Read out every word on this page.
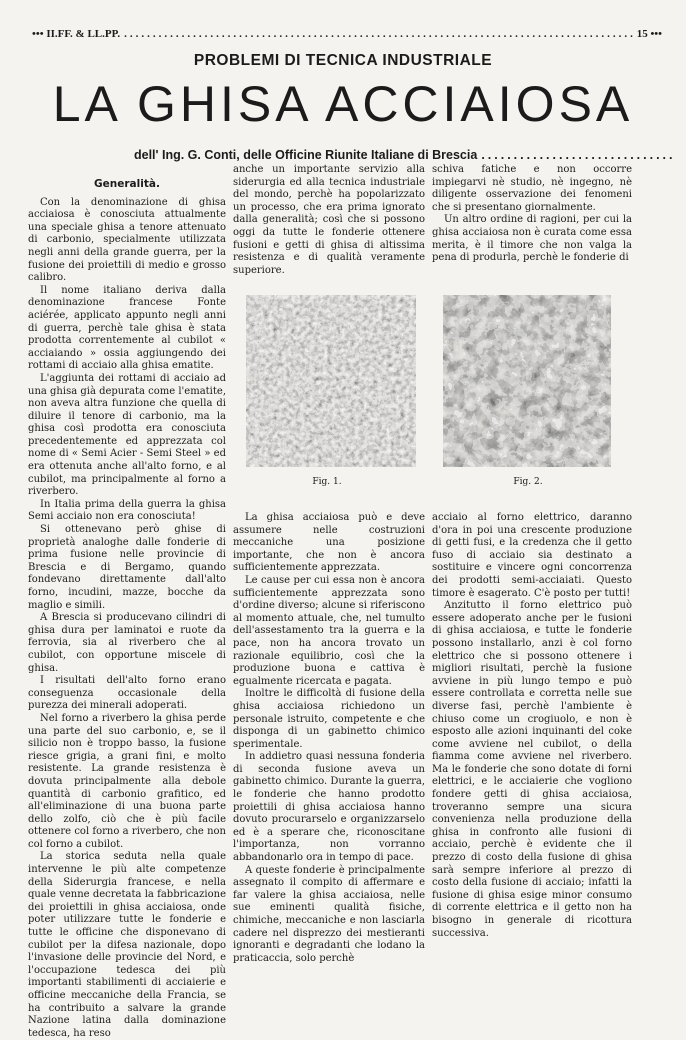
••• II.FF. & LL.PP.
.....	15 •••
PROBLEMI DI TECNICA INDUSTRIALE
LA GHISA ACCIAIOSA
dell' Ing. G. Conti, delle Officine Riunite Italiane di Brescia
.....
Generalità.

Con la denominazione di ghisa acciaiosa è conosciuta attualmente una speciale ghisa a tenore attenuato di carbonio, specialmente utilizzata negli anni della grande guerra, per la fusione dei proiettili di medio e grosso calibro.

Il nome italiano deriva dalla denominazione francese Fonte aciérée, applicato appunto negli anni di guerra, perchè tale ghisa è stata prodotta correntemente al cubilot « acciaiando » ossia aggiungendo dei rottami di acciaio alla ghisa ematite.

L'aggiunta dei rottami di acciaio ad una ghisa già depurata come l'ematite, non aveva altra funzione che quella di diluire il tenore di carbonio, ma la ghisa così prodotta era conosciuta precedentemente ed apprezzata col nome di « Semi Acier - Semi Steel » ed era ottenuta anche all'alto forno, e al cubilot, ma principalmente al forno a riverbero.

In Italia prima della guerra la ghisa Semi acciaio non era conosciuta!

Si ottenevano però ghise di proprietà analoghe dalle fonderie di prima fusione nelle provincie di Brescia e di Bergamo, quando fondevano direttamente dall'alto forno, incudini, mazze, bocche da maglio e simili.

A Brescia si producevano cilindri di ghisa dura per laminatoi e ruote da ferrovia, sia al riverbero che al cubilot, con opportune miscele di ghisa.

I risultati dell'alto forno erano conseguenza occasionale della purezza dei minerali adoperati.

Nel forno a riverbero la ghisa perde una parte del suo carbonio, e, se il silicio non è troppo basso, la fusione riesce grigia, a grani fini, e molto resistente. La grande resistenza è dovuta principalmente alla debole quantità di carbonio grafitico, ed all'eliminazione di una buona parte dello zolfo, ciò che è più facile ottenere col forno a riverbero, che non col forno a cubilot.

La storica seduta nella quale intervenne le più alte competenze della Siderurgia francese, e nella quale venne decretata la fabbricazione dei proiettili in ghisa acciaiosa, onde poter utilizzare tutte le fonderie e tutte le officine che disponevano di cubilot per la difesa nazionale, dopo l'invasione delle provincie del Nord, e l'occupazione tedesca dei più importanti stabilimenti di acciaierie e officine meccaniche della Francia, se ha contribuito a salvare la grande Nazione latina dalla dominazione tedesca, ha reso

anche un importante servizio alla siderurgia ed alla tecnica industriale del mondo, perchè ha popolarizzato un processo, che era prima ignorato dalla generalità; così che si possono oggi da tutte le fonderie ottenere fusioni e getti di ghisa di altissima resistenza e di qualità veramente superiore.

schiva fatiche e non occorre impiegarvi nè studio, nè ingegno, nè diligente osservazione dei fenomeni che si presentano giornalmente.

Un altro ordine di ragioni, per cui la ghisa acciaiosa non è curata come essa merita, è il timore che non valga la pena di produrla, perchè le fonderie di

Fig. 1.	Fig. 2.

La ghisa acciaiosa può e deve assumere nelle costruzioni meccaniche una posizione importante, che non è ancora sufficientemente apprezzata.

Le cause per cui essa non è ancora sufficientemente apprezzata sono d'ordine diverso; alcune si riferiscono al momento attuale, che, nel tumulto dell'assestamento tra la guerra e la pace, non ha ancora trovato un razionale equilibrio, così che la produzione buona e cattiva è egualmente ricercata e pagata.

Inoltre le difficoltà di fusione della ghisa acciaiosa richiedono un personale istruito, competente e che disponga di un gabinetto chimico sperimentale.

In addietro quasi nessuna fonderia di seconda fusione aveva un gabinetto chimico. Durante la guerra, le fonderie che hanno prodotto proiettili di ghisa acciaiosa hanno dovuto procurarselo e organizzarselo ed è a sperare che, riconoscitane l'importanza, non vorranno abbandonarlo ora in tempo di pace.

A queste fonderie è principalmente assegnato il compito di affermare e far valere la ghisa acciaiosa, nelle sue eminenti qualità fisiche, chimiche, meccaniche e non lasciarla cadere nel disprezzo dei mestieranti ignoranti e degradanti che lodano la praticaccia, solo perchè

acciaio al forno elettrico, daranno d'ora in poi una crescente produzione di getti fusi, e la credenza che il getto fuso di acciaio sia destinato a sostituire e vincere ogni concorrenza dei prodotti semi-acciaiati. Questo timore è esagerato. C'è posto per tutti!

Anzitutto il forno elettrico può essere adoperato anche per le fusioni di ghisa acciaiosa, e tutte le fonderie possono installarlo, anzi è col forno elettrico che si possono ottenere i migliori risultati, perchè la fusione avviene in più lungo tempo e può essere controllata e corretta nelle sue diverse fasi, perchè l'ambiente è chiuso come un crogiuolo, e non è esposto alle azioni inquinanti del coke come avviene nel cubilot, o della fiamma come avviene nel riverbero. Ma le fonderie che sono dotate di forni elettrici, e le acciaierie che vogliono fondere getti di ghisa acciaiosa, troveranno sempre una sicura convenienza nella produzione della ghisa in confronto alle fusioni di acciaio, perchè è evidente che il prezzo di costo della fusione di ghisa sarà sempre inferiore al prezzo di costo della fusione di acciaio; infatti la fusione di ghisa esige minor consumo di corrente elettrica e il getto non ha bisogno in generale di ricottura successiva.
